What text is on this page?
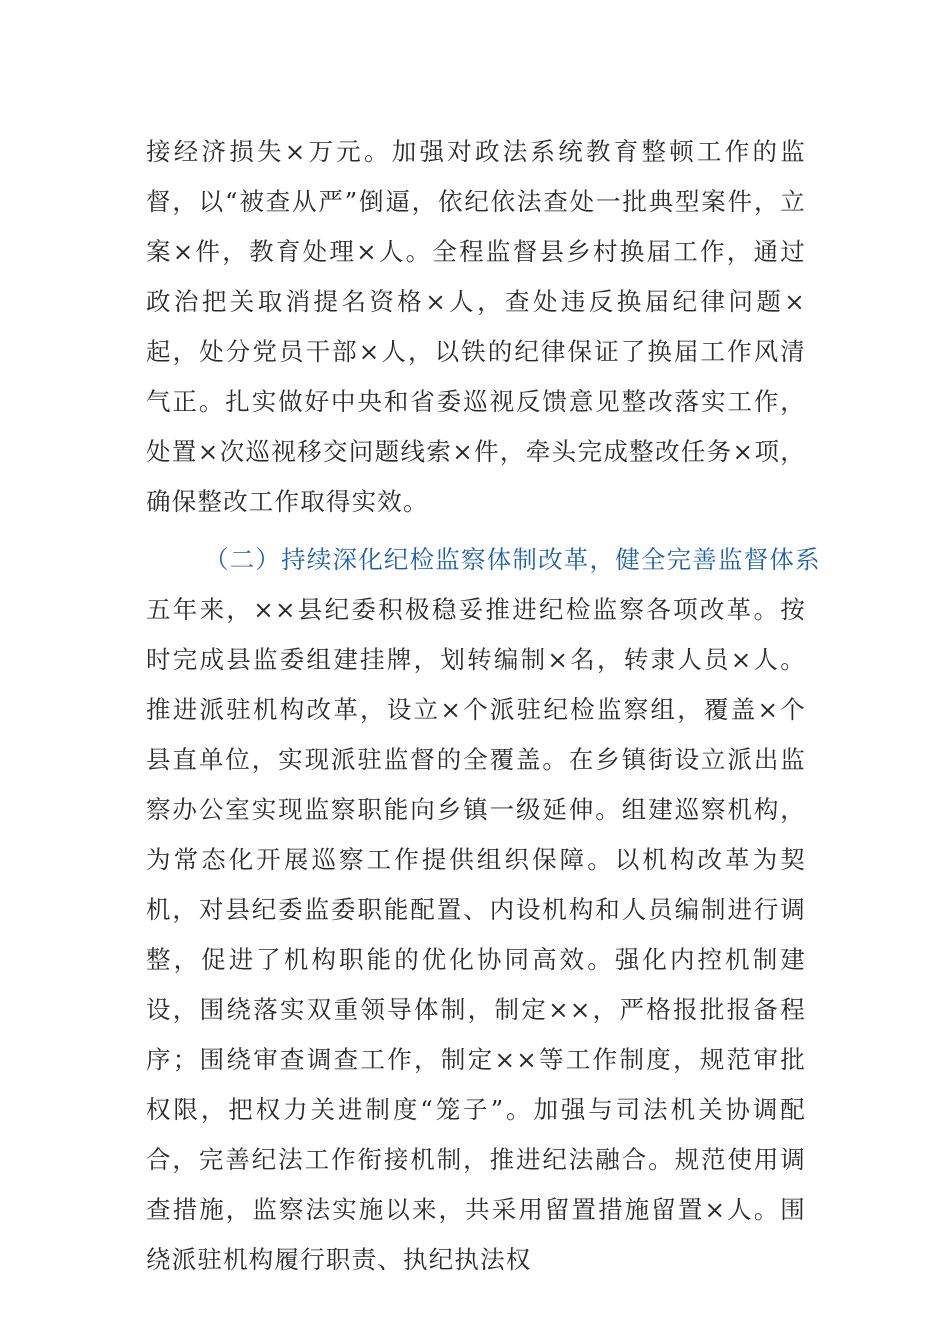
接经济损失×万元。加强对政法系统教育整顿工作的监督，以“被查从严”倒逼，依纪依法查处一批典型案件，立案×件，教育处理×人。全程监督县乡村换届工作，通过政治把关取消提名资格×人，查处违反换届纪律问题×起，处分党员干部×人，以铁的纪律保证了换届工作风清气正。扎实做好中央和省委巡视反馈意见整改落实工作，处置×次巡视移交问题线索×件，牵头完成整改任务×项，确保整改工作取得实效。

（二）持续深化纪检监察体制改革，健全完善监督体系

五年来，××县纪委积极稳妥推进纪检监察各项改革。按时完成县监委组建挂牌，划转编制×名，转隶人员×人。推进派驻机构改革，设立×个派驻纪检监察组，覆盖×个县直单位，实现派驻监督的全覆盖。在乡镇街设立派出监察办公室实现监察职能向乡镇一级延伸。组建巡察机构，为常态化开展巡察工作提供组织保障。以机构改革为契机，对县纪委监委职能配置、内设机构和人员编制进行调整，促进了机构职能的优化协同高效。强化内控机制建设，围绕落实双重领导体制，制定××，严格报批报备程序；围绕审查调查工作，制定××等工作制度，规范审批权限，把权力关进制度“笼子”。加强与司法机关协调配合，完善纪法工作衔接机制，推进纪法融合。规范使用调查措施，监察法实施以来，共采用留置措施留置×人。围绕派驻机构履行职责、执纪执法权
